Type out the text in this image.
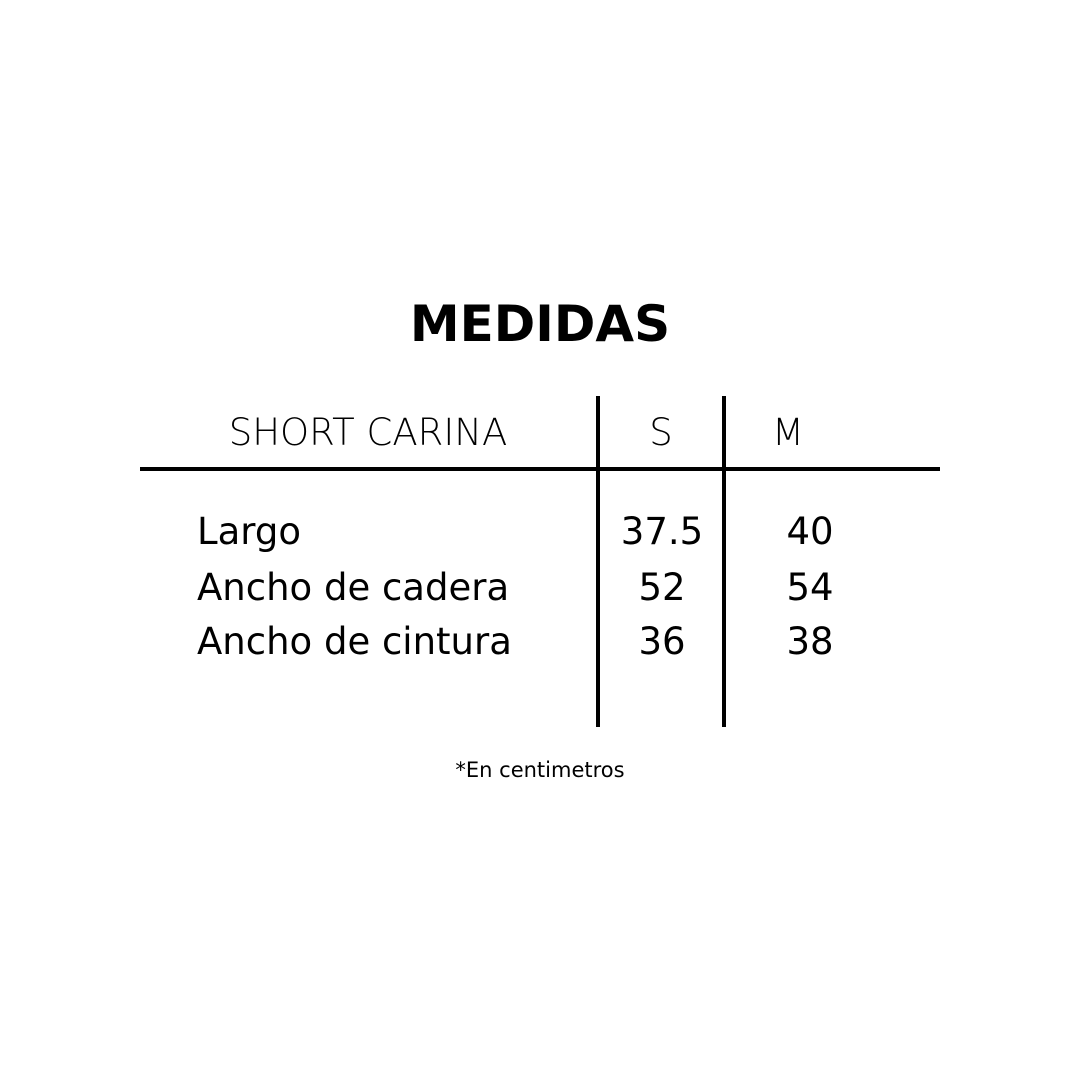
MEDIDAS
SHORT CARINA	S	M
Largo	37.5	40
Ancho de cadera	52	54
Ancho de cintura	36	38
*En centimetros
